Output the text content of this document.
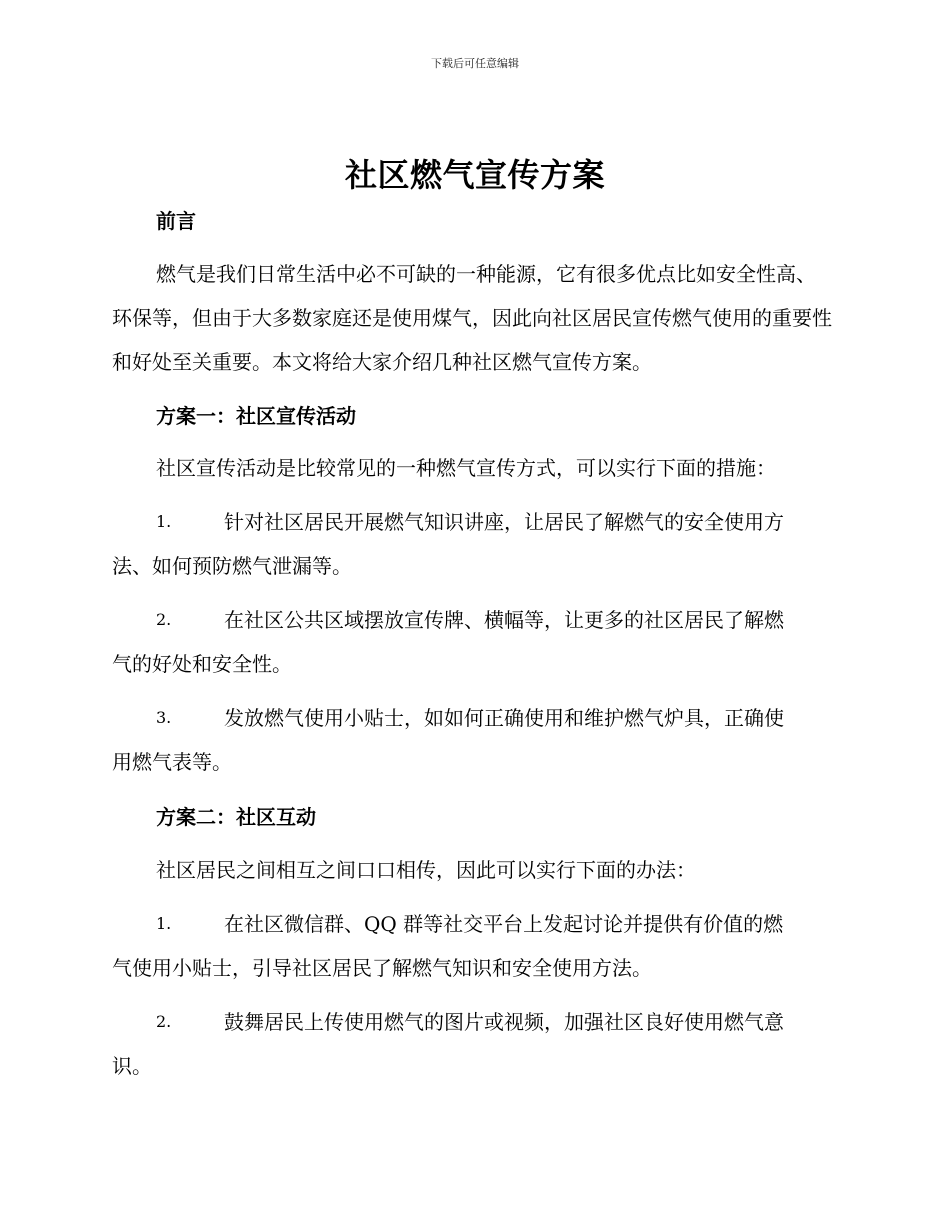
下载后可任意编辑
社区燃气宣传方案
前言
燃气是我们日常生活中必不可缺的一种能源，它有很多优点比如安全性高、环保等，但由于大多数家庭还是使用煤气，因此向社区居民宣传燃气使用的重要性和好处至关重要。本文将给大家介绍几种社区燃气宣传方案。
方案一：社区宣传活动
社区宣传活动是比较常见的一种燃气宣传方式，可以实行下面的措施：
1.	针对社区居民开展燃气知识讲座，让居民了解燃气的安全使用方
法、如何预防燃气泄漏等。
2.	在社区公共区域摆放宣传牌、横幅等，让更多的社区居民了解燃
气的好处和安全性。
3.	发放燃气使用小贴士，如如何正确使用和维护燃气炉具，正确使
用燃气表等。
方案二：社区互动
社区居民之间相互之间口口相传，因此可以实行下面的办法：
1.	在社区微信群、QQ 群等社交平台上发起讨论并提供有价值的燃
气使用小贴士，引导社区居民了解燃气知识和安全使用方法。
2.	鼓舞居民上传使用燃气的图片或视频，加强社区良好使用燃气意
识。
